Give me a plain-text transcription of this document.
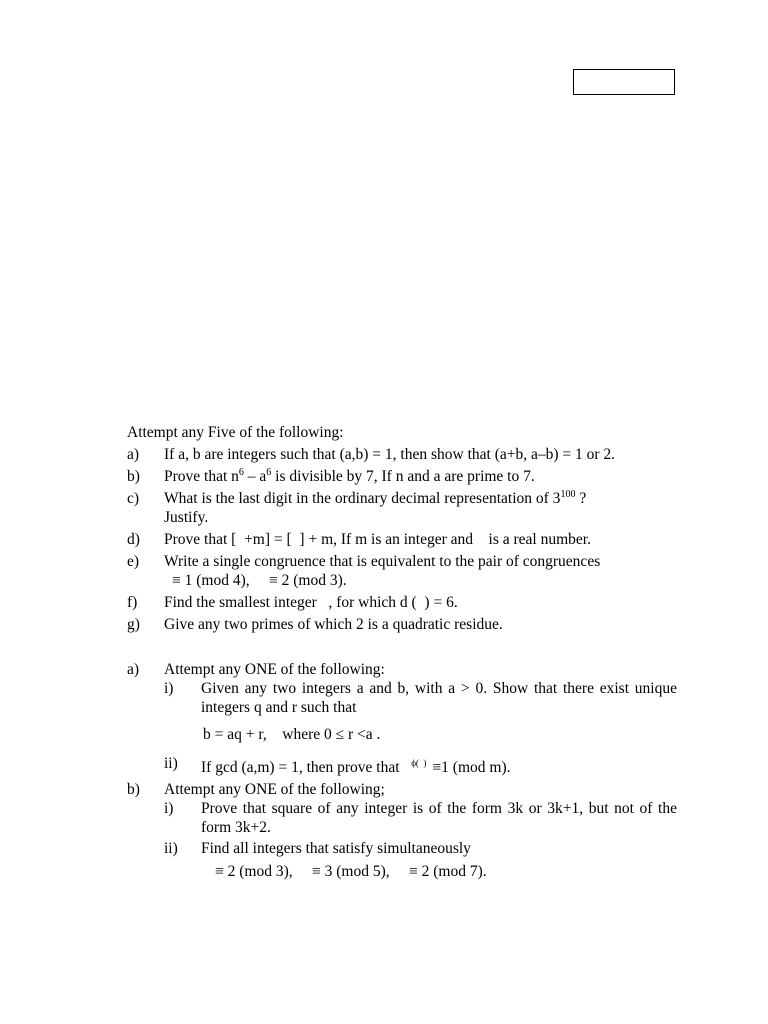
Attempt any Five of the following:
a) If a, b are integers such that (a,b) = 1, then show that (a+b, a–b) = 1 or 2.
b) Prove that $n^6 - a^6$ is divisible by 7, If n and a are prime to 7.
c) What is the last digit in the ordinary decimal representation of $3^{100}$ ?
Justify.
d) Prove that [  +m] = [  ] + m, If m is an integer and    is a real number.
e) Write a single congruence that is equivalent to the pair of congruences
≡ 1 (mod 4),     ≡ 2 (mod 3).
f) Find the smallest integer   , for which d (  ) = 6.
g) Give any two primes of which 2 is a quadratic residue.
a) Attempt any ONE of the following:
i) Given any two integers a and b, with a > 0. Show that there exist unique integers q and r such that
b = aq + r,    where 0 ≤ r <a .
ii) If gcd (a,m) = 1, then prove that $^{\phi( )}$ ≡1 (mod m).
b) Attempt any ONE of the following;
i) Prove that square of any integer is of the form 3k or 3k+1, but not of the form 3k+2.
ii) Find all integers that satisfy simultaneously
≡ 2 (mod 3),     ≡ 3 (mod 5),     ≡ 2 (mod 7).
